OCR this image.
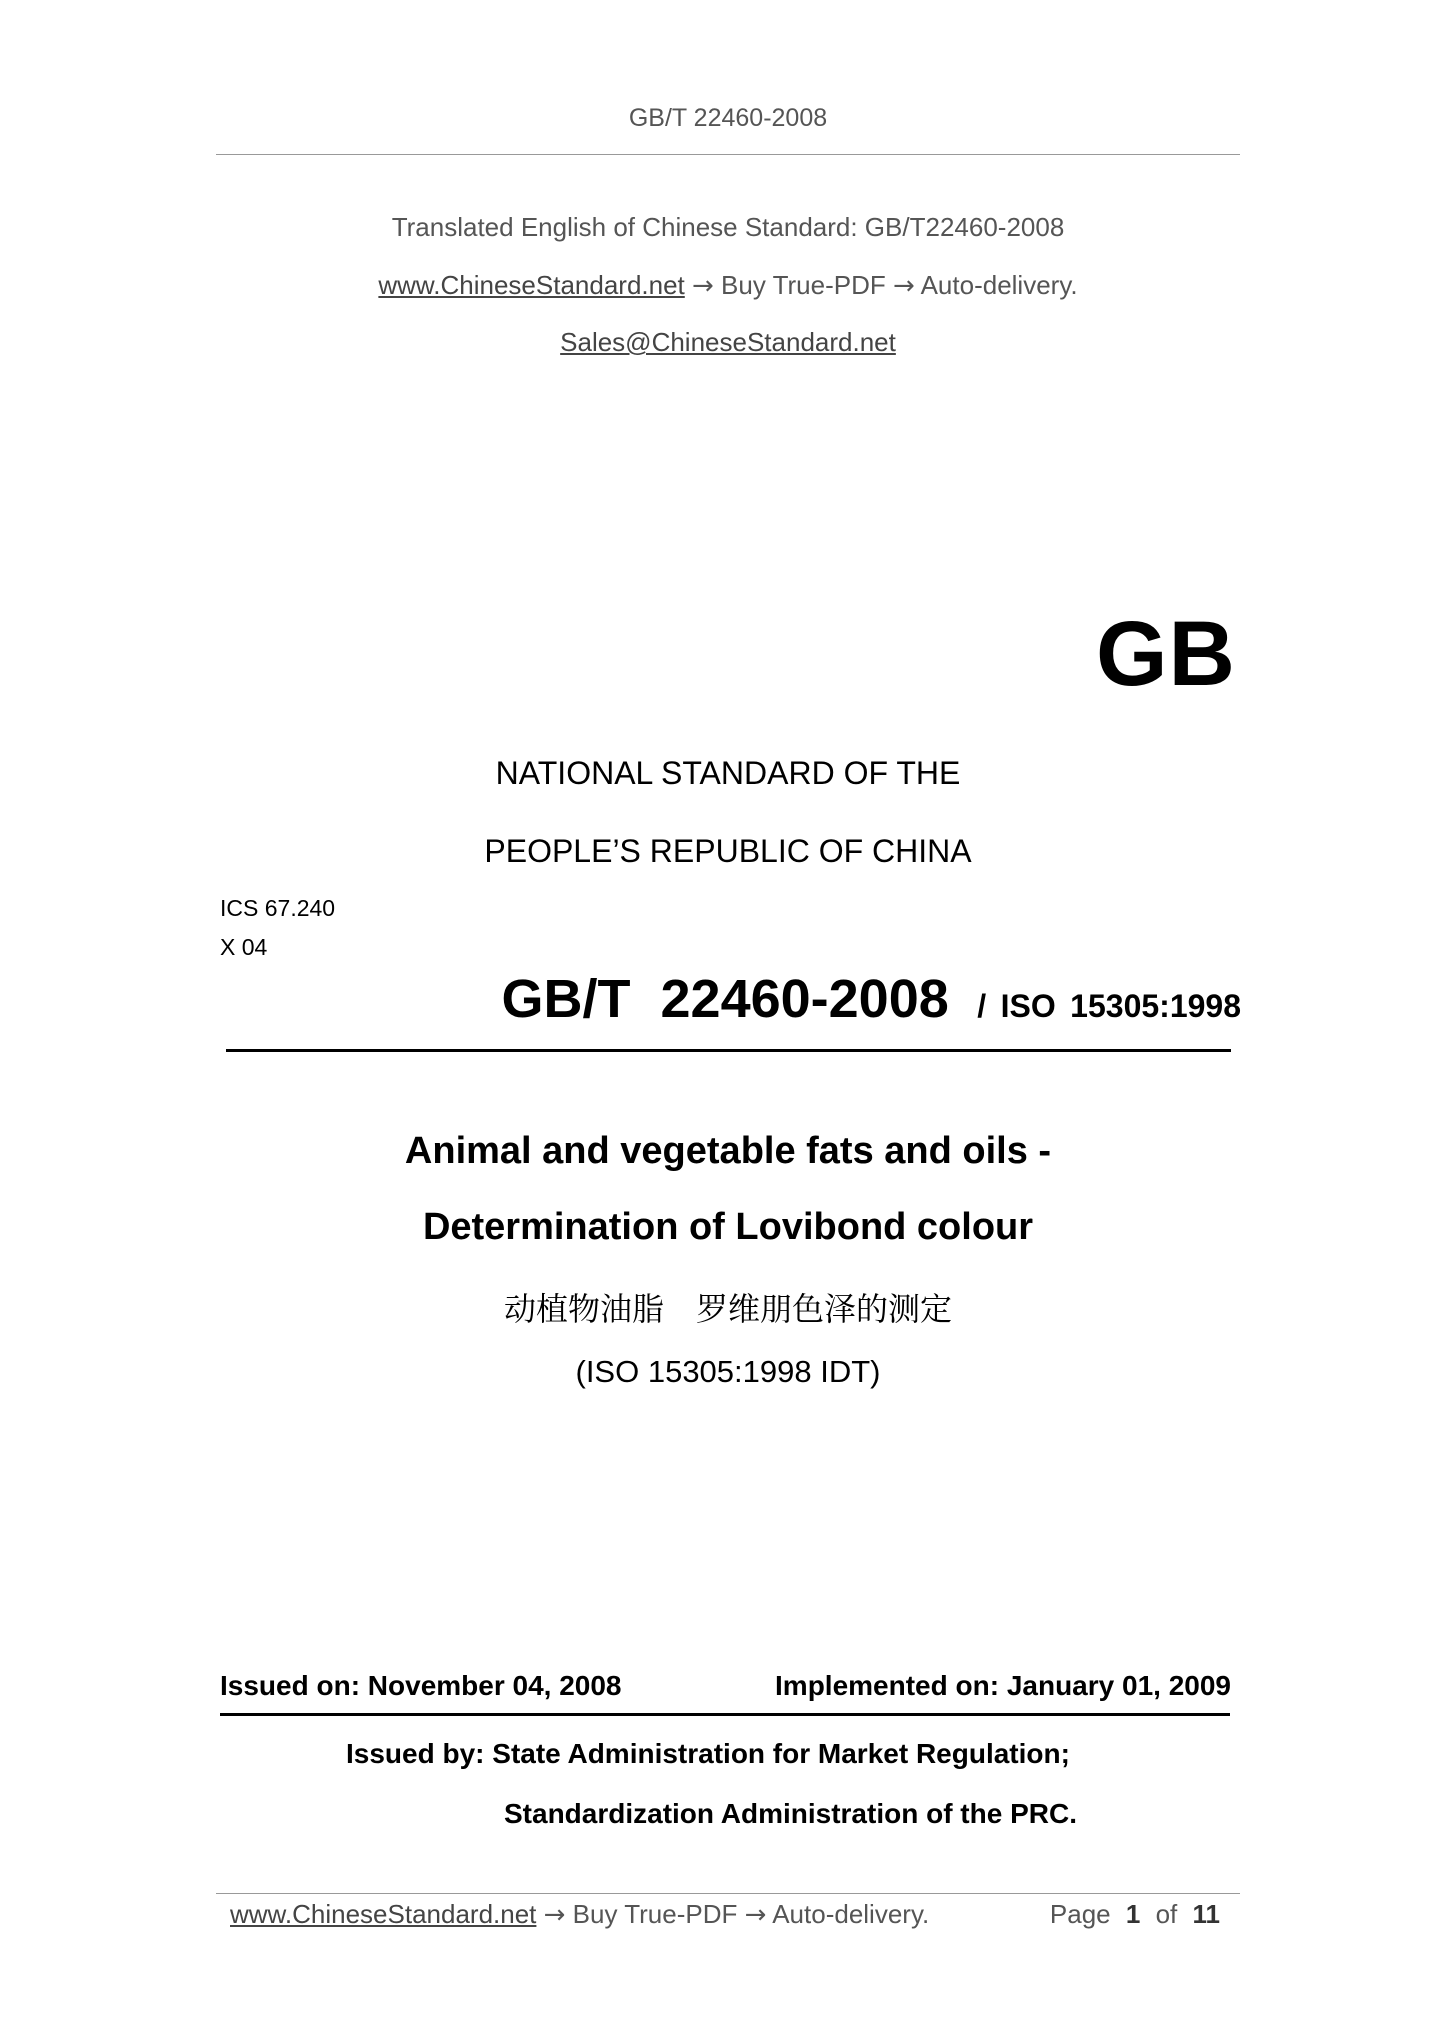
GB/T 22460-2008
Translated English of Chinese Standard: GB/T22460-2008
www.ChineseStandard.net → Buy True-PDF → Auto-delivery.
Sales@ChineseStandard.net
GB
NATIONAL STANDARD OF THE
PEOPLE’S REPUBLIC OF CHINA
ICS 67.240
X 04
GB/T  22460-2008 / ISO 15305:1998
Animal and vegetable fats and oils -
Determination of Lovibond colour
动植物油脂　罗维朋色泽的测定
(ISO 15305:1998 IDT)
Issued on: November 04, 2008	Implemented on: January 01, 2009
Issued by: State Administration for Market Regulation;
Standardization Administration of the PRC.
www.ChineseStandard.net → Buy True-PDF → Auto-delivery.	Page 1 of 11
